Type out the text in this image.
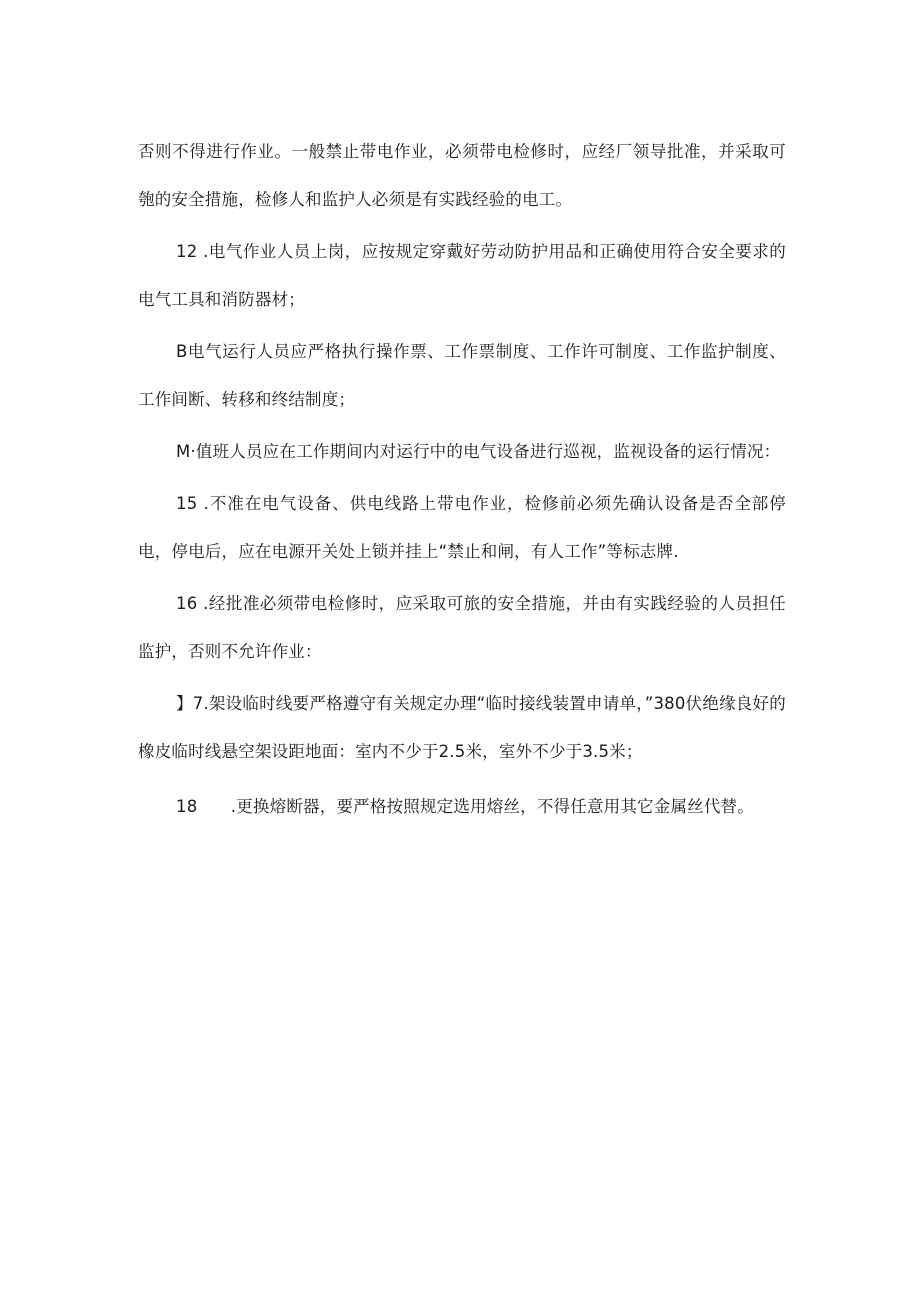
否则不得进行作业。一般禁止带电作业，必须带电检修时，应经厂领导批准，并采取可匏的安全措施，检修人和监护人必须是有实践经验的电工。

12 .电气作业人员上岗，应按规定穿戴好劳动防护用品和正确使用符合安全要求的电气工具和消防器材；

B电气运行人员应严格执行操作票、工作票制度、工作许可制度、工作监护制度、工作间断、转移和终结制度；

M·值班人员应在工作期间内对运行中的电气设备进行巡视，监视设备的运行情况：

15 .不准在电气设备、供电线路上带电作业，检修前必须先确认设备是否全部停电，停电后，应在电源开关处上锁并挂上“禁止和闸，有人工作”等标志牌.

16 .经批准必须带电检修时，应采取可旅的安全措施，并由有实践经验的人员担任监护，否则不允许作业：

】7.架设临时线要严格遵守有关规定办理“临时接线装置申请单，”380伏绝缘良好的橡皮临时线悬空架设距地面：室内不少于2.5米，室外不少于3.5米；

18　　.更换熔断器，要严格按照规定选用熔丝，不得任意用其它金属丝代替。
